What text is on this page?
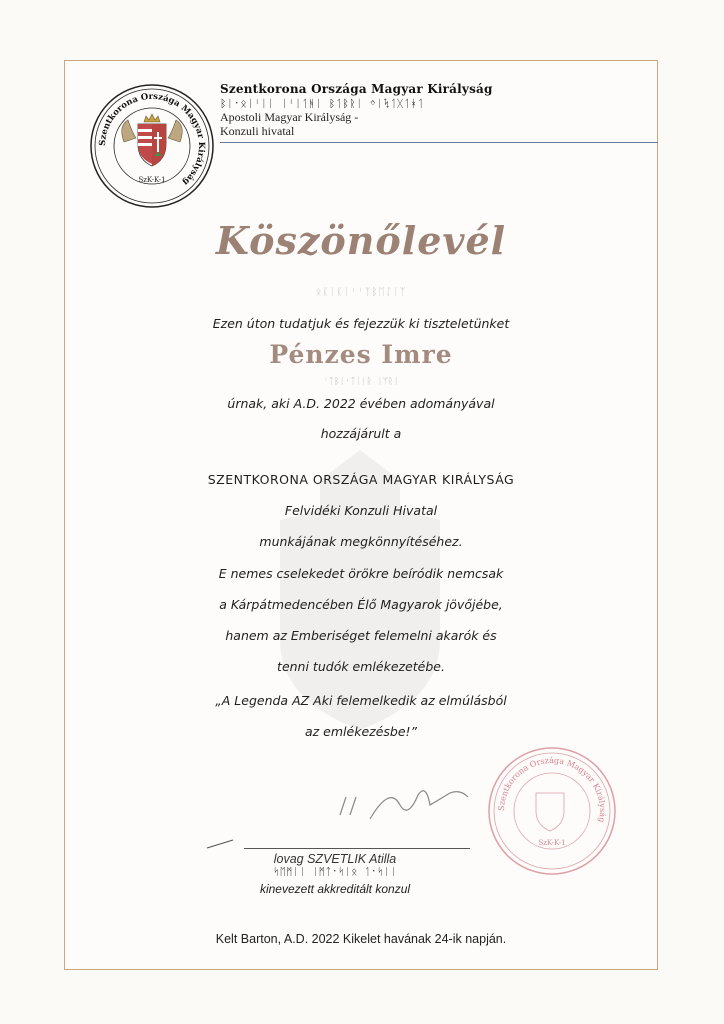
Szentkorona Országa Magyar Királyság
SzK-K-1
Szentkorona Országa Magyar Királyság
ᛒᛁ᛫ᛟᛁᛌᛁᛁ ᛁᛌᛁᛐᚻᛁ ᛒᛐᛒᚱᛁ ᛜᛁᛪᛐᚷᛐᚼᛐ
Apostoli Magyar Királyság -
Konzuli hivatal
Köszönőlevél
ᛟᛕᛁᛕᛁᛌᛌᛉᛒᛖᛇᛁᛉ
Ezen úton tudatjuk és fejezzük ki tiszteletünket
Pénzes Imre
ᛌᛏᛒᛁ᛫ᛏᛁᛁᚱ ᛁᛘᚱᛁ
úrnak, aki A.D. 2022 évében adományával
hozzájárult a
SZENTKORONA ORSZÁGA MAGYAR KIRÁLYSÁG
Felvidéki Konzuli Hivatal
munkájának megkönnyítéséhez.
E nemes cselekedet örökre beíródik nemcsak
a Kárpátmedencében Élő Magyarok jövőjébe,
hanem az Emberiséget felemelni akarók és
tenni tudók emlékezetébe.
„A Legenda AZ Aki felemelkedik az elmúlásból
az emlékezésbe!”
Szentkorona Országa Magyar Királyság
SzK-K-1
lovag SZVETLIK Atilla
ᛋᛖᛗᛁᛁ ᛁᛗᛏ᛫ᛋᛁᛟ ᛐ᛫ᛋᛁᛁ
kinevezett akkreditált konzul
Kelt Barton, A.D. 2022 Kikelet havának 24-ik napján.
